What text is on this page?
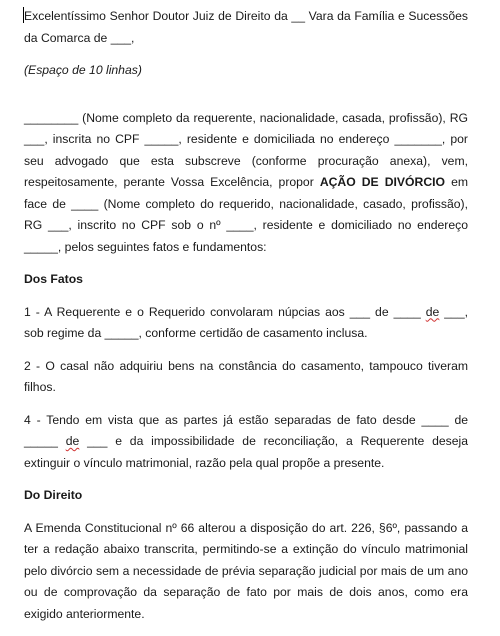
Excelentíssimo Senhor Doutor Juiz de Direito da __ Vara da Família e Sucessões da Comarca de ___,

(Espaço de 10 linhas)

________ (Nome completo da requerente, nacionalidade, casada, profissão), RG ___, inscrita no CPF _____, residente e domiciliada no endereço _______, por seu advogado que esta subscreve (conforme procuração anexa), vem, respeitosamente, perante Vossa Excelência, propor AÇÃO DE DIVÓRCIO em face de ____ (Nome completo do requerido, nacionalidade, casado, profissão), RG ___, inscrito no CPF sob o nº ____, residente e domiciliado no endereço _____, pelos seguintes fatos e fundamentos:

Dos Fatos

1 - A Requerente e o Requerido convolaram núpcias aos ___ de ____ de ___, sob regime da _____, conforme certidão de casamento inclusa.

2 - O casal não adquiriu bens na constância do casamento, tampouco tiveram filhos.

4 - Tendo em vista que as partes já estão separadas de fato desde ____ de _____ de ___ e da impossibilidade de reconciliação, a Requerente deseja extinguir o vínculo matrimonial, razão pela qual propõe a presente.

Do Direito

A Emenda Constitucional nº 66 alterou a disposição do art. 226, §6º, passando a ter a redação abaixo transcrita, permitindo-se a extinção do vínculo matrimonial pelo divórcio sem a necessidade de prévia separação judicial por mais de um ano ou de comprovação da separação de fato por mais de dois anos, como era exigido anteriormente.
